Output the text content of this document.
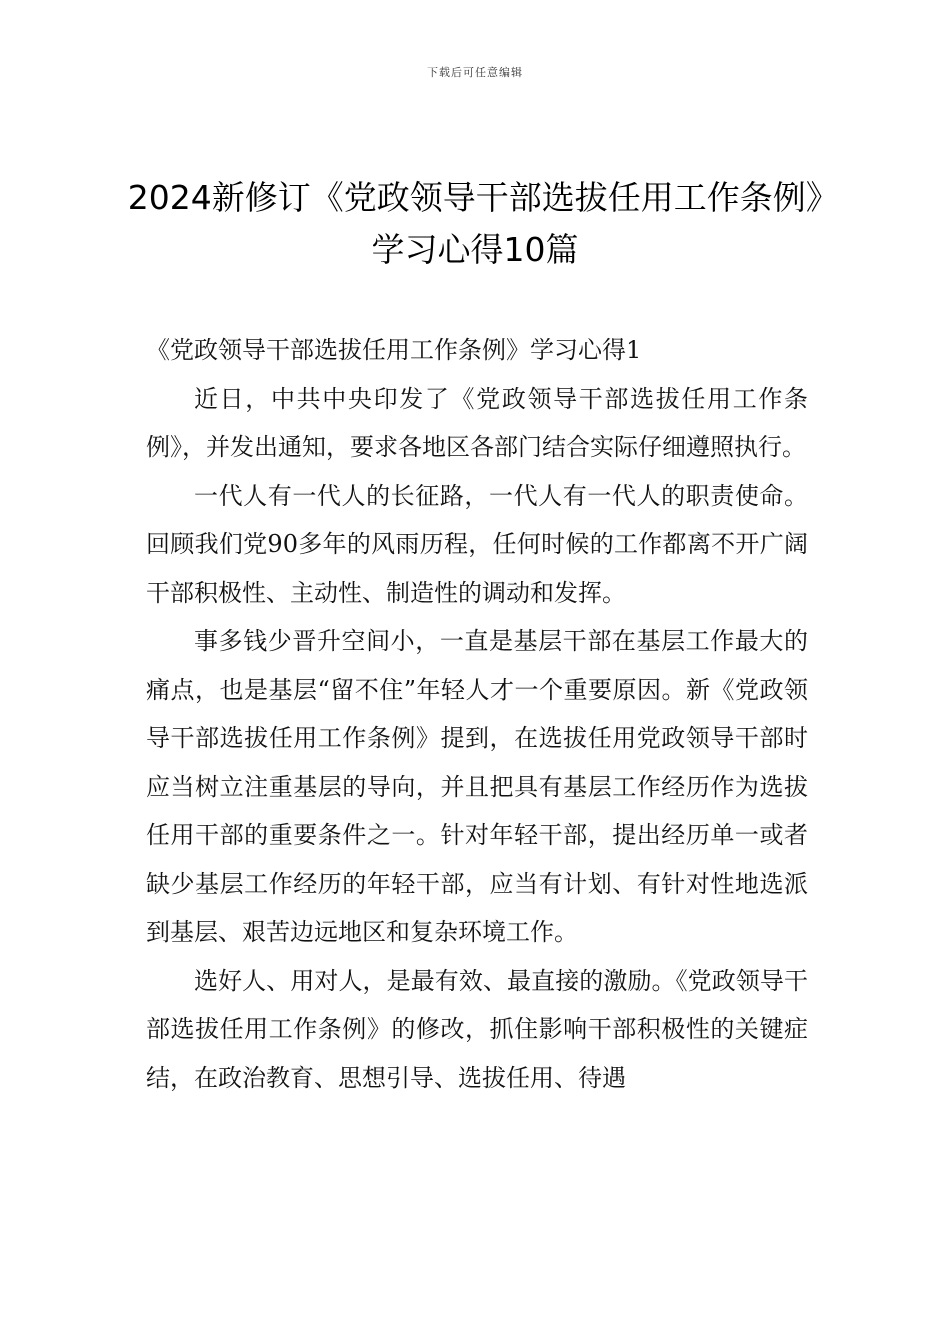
下载后可任意编辑
2024新修订《党政领导干部选拔任用工作条例》学习心得10篇

《党政领导干部选拔任用工作条例》学习心得1

近日，中共中央印发了《党政领导干部选拔任用工作条例》，并发出通知，要求各地区各部门结合实际仔细遵照执行。

一代人有一代人的长征路，一代人有一代人的职责使命。回顾我们党90多年的风雨历程，任何时候的工作都离不开广阔干部积极性、主动性、制造性的调动和发挥。

事多钱少晋升空间小，一直是基层干部在基层工作最大的痛点，也是基层“留不住”年轻人才一个重要原因。新《党政领导干部选拔任用工作条例》提到，在选拔任用党政领导干部时应当树立注重基层的导向，并且把具有基层工作经历作为选拔任用干部的重要条件之一。针对年轻干部，提出经历单一或者缺少基层工作经历的年轻干部，应当有计划、有针对性地选派到基层、艰苦边远地区和复杂环境工作。

选好人、用对人，是最有效、最直接的激励。《党政领导干部选拔任用工作条例》的修改，抓住影响干部积极性的关键症结，在政治教育、思想引导、选拔任用、待遇
